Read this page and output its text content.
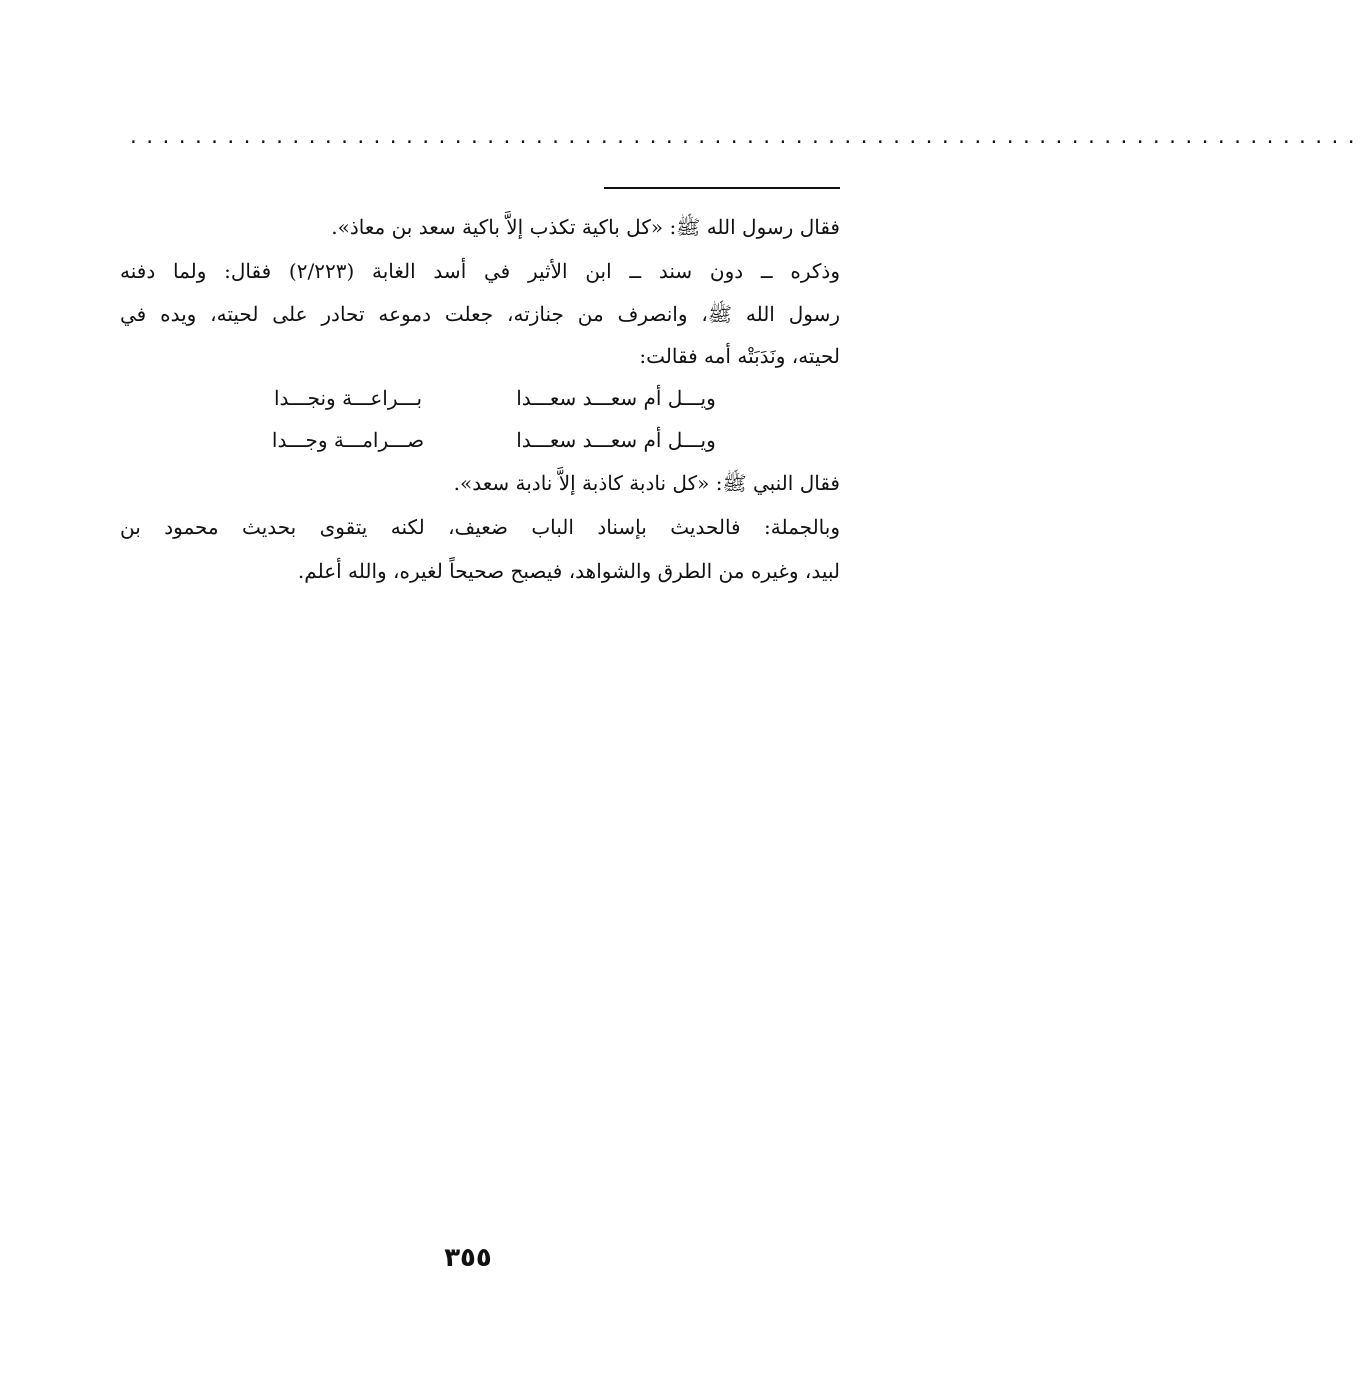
............................................................................
فقال رسول الله ﷺ: «كل باكية تكذب إلاَّ باكية سعد بن معاذ».
وذكره ــ دون سند ــ ابن الأثير في أسد الغابة (٢/٢٢٣) فقال: ولما دفنه
رسول الله ﷺ، وانصرف من جنازته، جعلت دموعه تحادر على لحيته، ويده في
لحيته، ونَدَبَتْه أمه فقالت:
ويـــل أم سعـــد سعـــدا
بـــراعـــة ونجـــدا
ويـــل أم سعـــد سعـــدا
صـــرامـــة وجـــدا
فقال النبي ﷺ: «كل نادبة كاذبة إلاَّ نادبة سعد».
وبالجملة: فالحديث بإسناد الباب ضعيف، لكنه يتقوى بحديث محمود بن
لبيد، وغيره من الطرق والشواهد، فيصبح صحيحاً لغيره، والله أعلم.
٣٥٥
